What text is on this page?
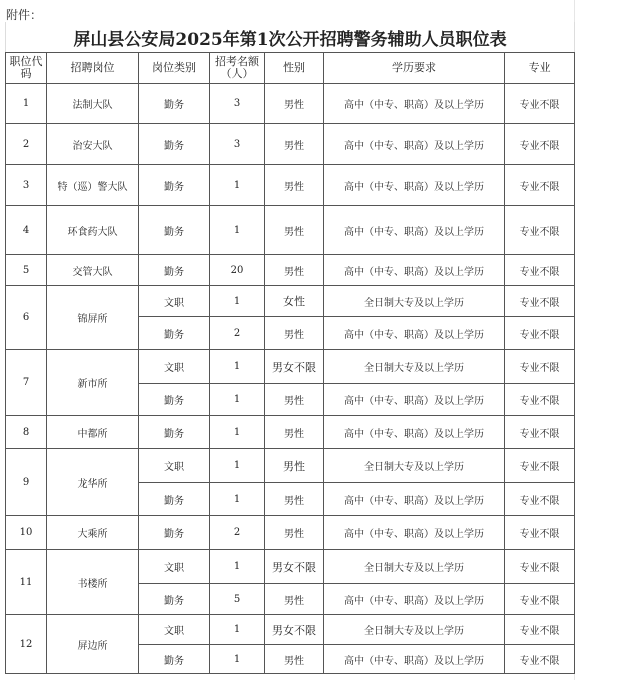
附件：
屏山县公安局2025年第1次公开招聘警务辅助人员职位表						
职位代码	招聘岗位	岗位类别	招考名额（人）	性别	学历要求	专业
1	法制大队	勤务	3	男性	高中（中专、职高）及以上学历	专业不限
2	治安大队	勤务	3	男性	高中（中专、职高）及以上学历	专业不限
3	特（巡）警大队	勤务	1	男性	高中（中专、职高）及以上学历	专业不限
4	环食药大队	勤务	1	男性	高中（中专、职高）及以上学历	专业不限
5	交管大队	勤务	20	男性	高中（中专、职高）及以上学历	专业不限
6	锦屏所	文职	1	女性	全日制大专及以上学历	专业不限
		勤务	2	男性	高中（中专、职高）及以上学历	专业不限
7	新市所	文职	1	男女不限	全日制大专及以上学历	专业不限
		勤务	1	男性	高中（中专、职高）及以上学历	专业不限
8	中都所	勤务	1	男性	高中（中专、职高）及以上学历	专业不限
9	龙华所	文职	1	男性	全日制大专及以上学历	专业不限
		勤务	1	男性	高中（中专、职高）及以上学历	专业不限
10	大乘所	勤务	2	男性	高中（中专、职高）及以上学历	专业不限
11	书楼所	文职	1	男女不限	全日制大专及以上学历	专业不限
		勤务	5	男性	高中（中专、职高）及以上学历	专业不限
12	屏边所	文职	1	男女不限	全日制大专及以上学历	专业不限
		勤务	1	男性	高中（中专、职高）及以上学历	专业不限
